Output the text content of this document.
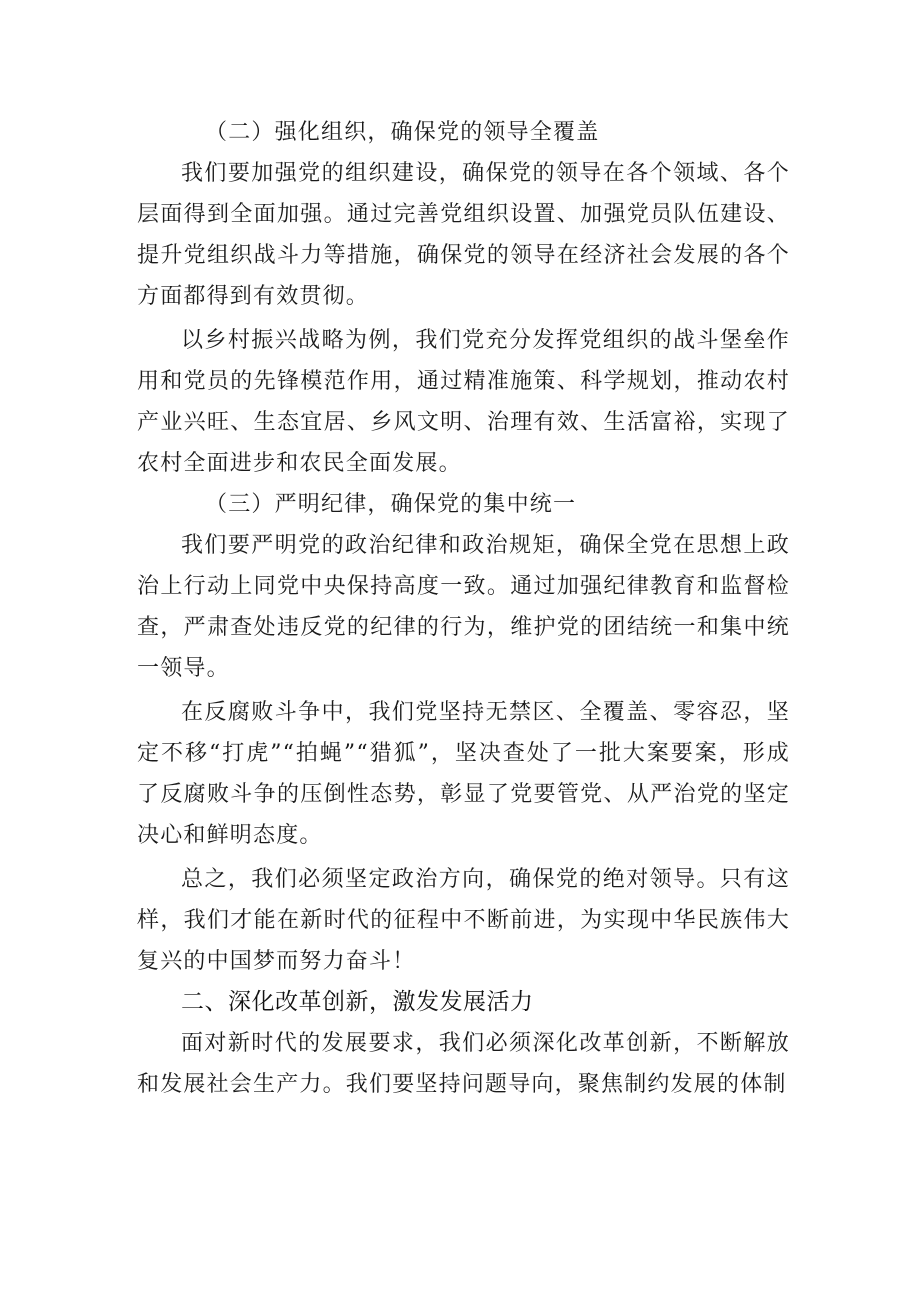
（二）强化组织，确保党的领导全覆盖

我们要加强党的组织建设，确保党的领导在各个领域、各个层面得到全面加强。通过完善党组织设置、加强党员队伍建设、提升党组织战斗力等措施，确保党的领导在经济社会发展的各个方面都得到有效贯彻。

以乡村振兴战略为例，我们党充分发挥党组织的战斗堡垒作用和党员的先锋模范作用，通过精准施策、科学规划，推动农村产业兴旺、生态宜居、乡风文明、治理有效、生活富裕，实现了农村全面进步和农民全面发展。

（三）严明纪律，确保党的集中统一

我们要严明党的政治纪律和政治规矩，确保全党在思想上政治上行动上同党中央保持高度一致。通过加强纪律教育和监督检查，严肃查处违反党的纪律的行为，维护党的团结统一和集中统一领导。

在反腐败斗争中，我们党坚持无禁区、全覆盖、零容忍，坚定不移“打虎”“拍蝇”“猎狐”，坚决查处了一批大案要案，形成了反腐败斗争的压倒性态势，彰显了党要管党、从严治党的坚定决心和鲜明态度。

总之，我们必须坚定政治方向，确保党的绝对领导。只有这样，我们才能在新时代的征程中不断前进，为实现中华民族伟大复兴的中国梦而努力奋斗！

二、深化改革创新，激发发展活力

面对新时代的发展要求，我们必须深化改革创新，不断解放和发展社会生产力。我们要坚持问题导向，聚焦制约发展的体制
